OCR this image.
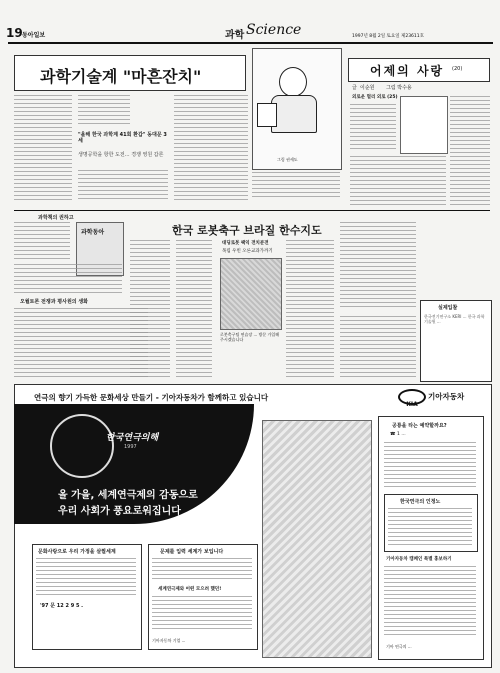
19 동아일보	과학 Science	1997년 8월 2일 토요일 제23611호
과학기술계 "마흔잔치"
그림 권세도
"올해 한국 과학계 41회 환갑" 동대문 3세
생명공학을 항한 도전… 경쟁 영원 갑론
어제의 사랑 (20)
글 이순원 그림 박수용
외로운 멀리 외로 (25)
과학책의 권하고
과학동아
오월토론 전쟁과 평사원의 생화
한국 로봇축구 브라질 한수지도
대딩로봇 팩익 전치분전
목립 우빈 오른교과가까기
로봇축구팀 연습장 ... 방문 가입해주시겠습니다
실제입찰
한국전기연구소 KERI ... 한국 과학기술원 ...
연극의 향기 가득한 문화세상 만들기 - 기아자동차가 함께하고 있습니다
KIA
기아자동차
한국연극의해
1997
올 가을, 세계연극제의 감동으로
우리 사회가 풍요로워집니다
문화사랑으로 우리 가정을 살찔세계
'97 문 12 2 9 5 .
문제를 입력 세계가 보입니다
세계연극제와 어떤 모으려 했던!
기아자동차 기업 ...
공룡을 타는 예약할까요?
☎ 1 ...
한국연극의 인정노
기아자동차 캠페인 특별 홍보하기
기아 연극의 ...
